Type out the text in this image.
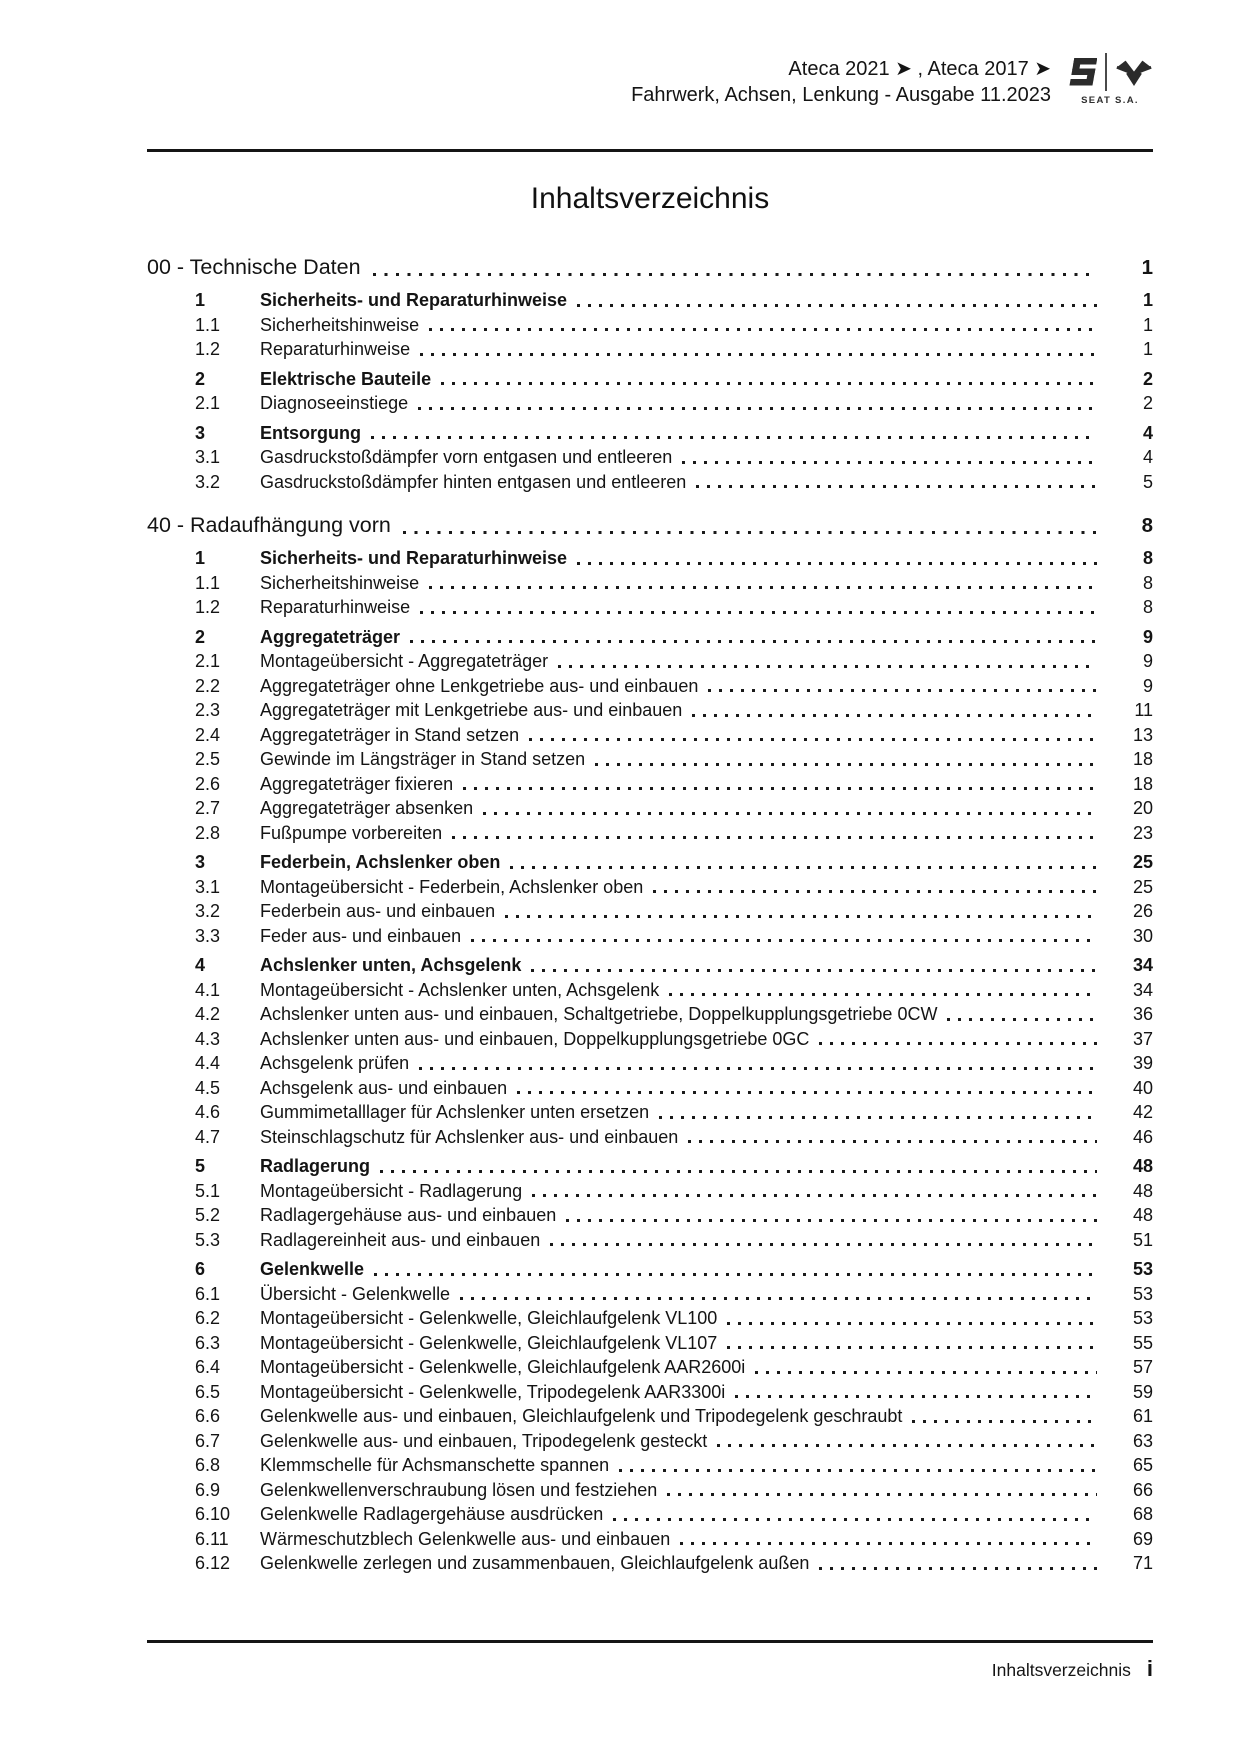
Ateca 2021 ➤ , Ateca 2017 ➤
Fahrwerk, Achsen, Lenkung - Ausgabe 11.2023	SEAT S.A.
Inhaltsverzeichnis
00 - Technische Daten	1
1	Sicherheits- und Reparaturhinweise	1
1.1	Sicherheitshinweise	1
1.2	Reparaturhinweise	1
2	Elektrische Bauteile	2
2.1	Diagnoseeinstiege	2
3	Entsorgung	4
3.1	Gasdruckstoßdämpfer vorn entgasen und entleeren	4
3.2	Gasdruckstoßdämpfer hinten entgasen und entleeren	5
40 - Radaufhängung vorn	8
1	Sicherheits- und Reparaturhinweise	8
1.1	Sicherheitshinweise	8
1.2	Reparaturhinweise	8
2	Aggregateträger	9
2.1	Montageübersicht - Aggregateträger	9
2.2	Aggregateträger ohne Lenkgetriebe aus- und einbauen	9
2.3	Aggregateträger mit Lenkgetriebe aus- und einbauen	11
2.4	Aggregateträger in Stand setzen	13
2.5	Gewinde im Längsträger in Stand setzen	18
2.6	Aggregateträger fixieren	18
2.7	Aggregateträger absenken	20
2.8	Fußpumpe vorbereiten	23
3	Federbein, Achslenker oben	25
3.1	Montageübersicht - Federbein, Achslenker oben	25
3.2	Federbein aus- und einbauen	26
3.3	Feder aus- und einbauen	30
4	Achslenker unten, Achsgelenk	34
4.1	Montageübersicht - Achslenker unten, Achsgelenk	34
4.2	Achslenker unten aus- und einbauen, Schaltgetriebe, Doppelkupplungsgetriebe 0CW	36
4.3	Achslenker unten aus- und einbauen, Doppelkupplungsgetriebe 0GC	37
4.4	Achsgelenk prüfen	39
4.5	Achsgelenk aus- und einbauen	40
4.6	Gummimetalllager für Achslenker unten ersetzen	42
4.7	Steinschlagschutz für Achslenker aus- und einbauen	46
5	Radlagerung	48
5.1	Montageübersicht - Radlagerung	48
5.2	Radlagergehäuse aus- und einbauen	48
5.3	Radlagereinheit aus- und einbauen	51
6	Gelenkwelle	53
6.1	Übersicht - Gelenkwelle	53
6.2	Montageübersicht - Gelenkwelle, Gleichlaufgelenk VL100	53
6.3	Montageübersicht - Gelenkwelle, Gleichlaufgelenk VL107	55
6.4	Montageübersicht - Gelenkwelle, Gleichlaufgelenk AAR2600i	57
6.5	Montageübersicht - Gelenkwelle, Tripodegelenk AAR3300i	59
6.6	Gelenkwelle aus- und einbauen, Gleichlaufgelenk und Tripodegelenk geschraubt	61
6.7	Gelenkwelle aus- und einbauen, Tripodegelenk gesteckt	63
6.8	Klemmschelle für Achsmanschette spannen	65
6.9	Gelenkwellenverschraubung lösen und festziehen	66
6.10	Gelenkwelle Radlagergehäuse ausdrücken	68
6.11	Wärmeschutzblech Gelenkwelle aus- und einbauen	69
6.12	Gelenkwelle zerlegen und zusammenbauen, Gleichlaufgelenk außen	71
Inhaltsverzeichnis i
